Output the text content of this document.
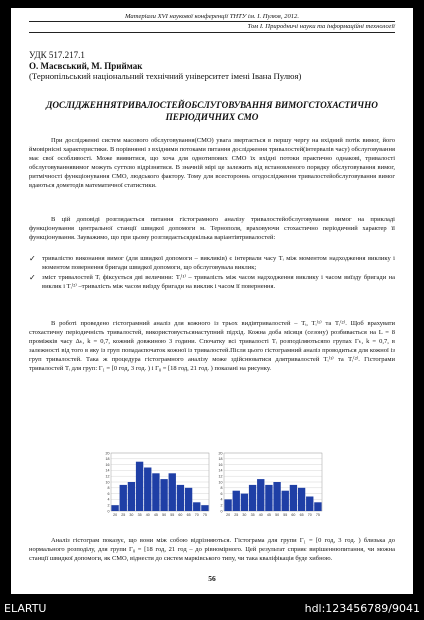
Матеріали XVI наукової конференції ТНТУ ім. І. Пулюя, 2012.
Том І. Природничі науки та інформаційні технології
УДК 517.217.1
О. Масвський, М. Приймак
(Тернопільський національний технічний університет імені Івана Пулюя)
ДОСЛІДЖЕННЯТРИВАЛОСТЕЙОБСЛУГОВУВАННЯ ВИМОГСТОХАСТИЧНО ПЕРІОДИЧНИХ СМО
При дослідженні систем масового обслуговування(СМО) увага звертається в першу чергу на вхідний потік вимог, його ймовірнісні характеристики. В порівнянні з вхідними потоками питання дослідження тривалостей(інтервалів часу) обслуговування має свої особливості. Може виявитися, що хоча для однотипових СМО їх вхідні потоки практично однакові, тривалості обслуговуваннявимог можуть суттєво відрізнятися. В значній мірі це залежить від встановленого порядку обслуговування вимог, ритмічності функціонування СМО, людського фактору. Тому для всестороннь огодослідження тривалостейобслуговування вимог вдаються дометодів математичної статистики.
В цій доповіді розглядається питання гістограмного аналізу тривалостейобслуговування вимог на прикладі функціонування центральної станції швидкої допомоги м. Тернополя, враховуючи стохастично періодичний характер її функціонування. Зауважимо, що при цьому розглядаєтьсядекілька варіантівтривалостей:
✓ тривалістю виконання вимог (для швидкої допомоги – викликів) є інтервали часу Tᵢ між моментом надходження виклику і моментом повернення бригади швидкої допомоги, що обслуговувала виклик;
✓ зміст тривалостей Tᵢ фіксується дві величини: Tᵢ⁽¹⁾ – тривалість між часом надходження виклику і часом виїзду бригади на виклик і Tᵢ⁽²⁾ –тривалість між часом виїзду бригади на виклик і часом її повернення.
В роботі проведено гістограмний аналіз для кожного із трьох видівтривалостей – Tᵢ, Tᵢ⁽¹⁾ та Tᵢ⁽²⁾. Щоб врахувати стохастичну періодичність тривалостей, використовуєтьсянаступний підхід. Кожна доба місяця (сезону) розбивається на L = 8 проміжків часу Δₖ, k = 0,7, кожний довжиною 3 години. Спочатку всі тривалості Tᵢ розподіляютьсяпо групах Γₖ, k = 0,7, в залежності від того в яку із груп попадаєпочаток кожної із тривалостей.Після цього гістограмний аналіз проводиться для кожної із груп тривалостей. Така ж процедура гістограмного аналізу може здійснюватися длятривалостей Tᵢ⁽¹⁾ та Tᵢ⁽²⁾. Гістограми тривалостей Tᵢ для груп: Γ₁ = [0 год, 3 год. ) і Γ₈ = [18 год, 21 год. ) показані на рисунку.
0
2
4
6
8
10
12
14
16
18
20
20 25 30 35 40 45 50 55 60 65 70 75
0
2
4
6
8
10
12
14
16
18
20
20 25 30 35 40 45 50 55 60 65 70 75
Аналіз гістограм показує, що вони між собою відрізняються. Гістограма для групи Γ₁ = [0 год, 3 год. ) близька до нормального розподілу, для групи Γ₈ = [18 год, 21 год – до рівномірного. Цей результат сприяє вирішеннюпитання, чи можна станції швидкої допомоги, як СМО, віднести до систем марківського типу, чи така кваліфікація буде хибною.
56
ELARTU	hdl:123456789/9041
